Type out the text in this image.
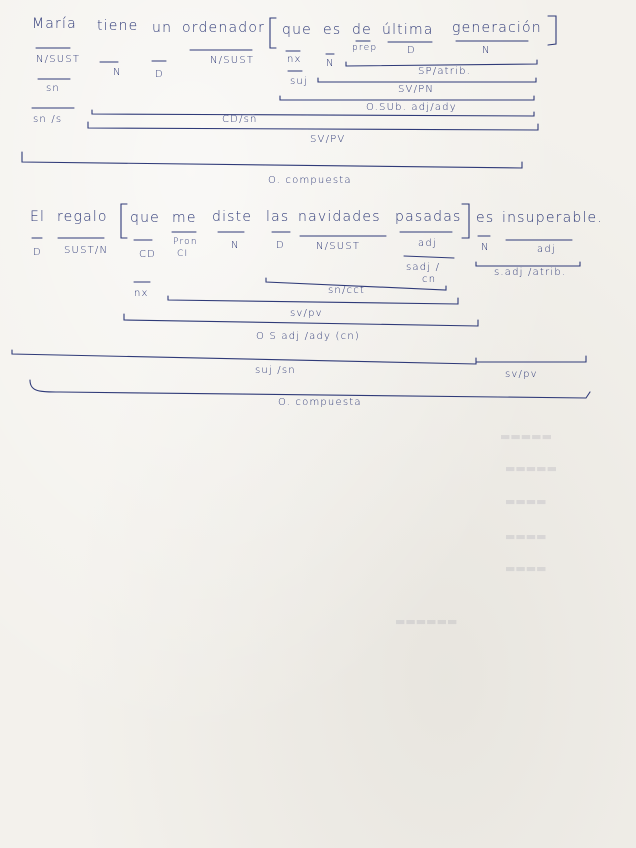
▬▬▬▬▬
▬▬▬▬▬
▬▬▬▬
▬▬▬▬
▬▬▬▬
▬▬▬▬▬▬
María tiene un ordenador que es de última generación
N/SUST
N	D
N/SUST	nx N
prep	D	N
sn
suj
SP/atrib.
SV/PN
O.SUb. adj/ady
sn /s	CD/sn
SV/PV
O. compuesta
El regalo que me diste las navidades pasadas es insuperable.
D SUST/N	CD
Pron
CI
N	D	N/SUST	adj	N	adj
sadj /
cn
s.adj /atrib.
nx	sn/cct
sv/pv
O S adj /ady (cn)
suj /sn	sv/pv
O. compuesta
